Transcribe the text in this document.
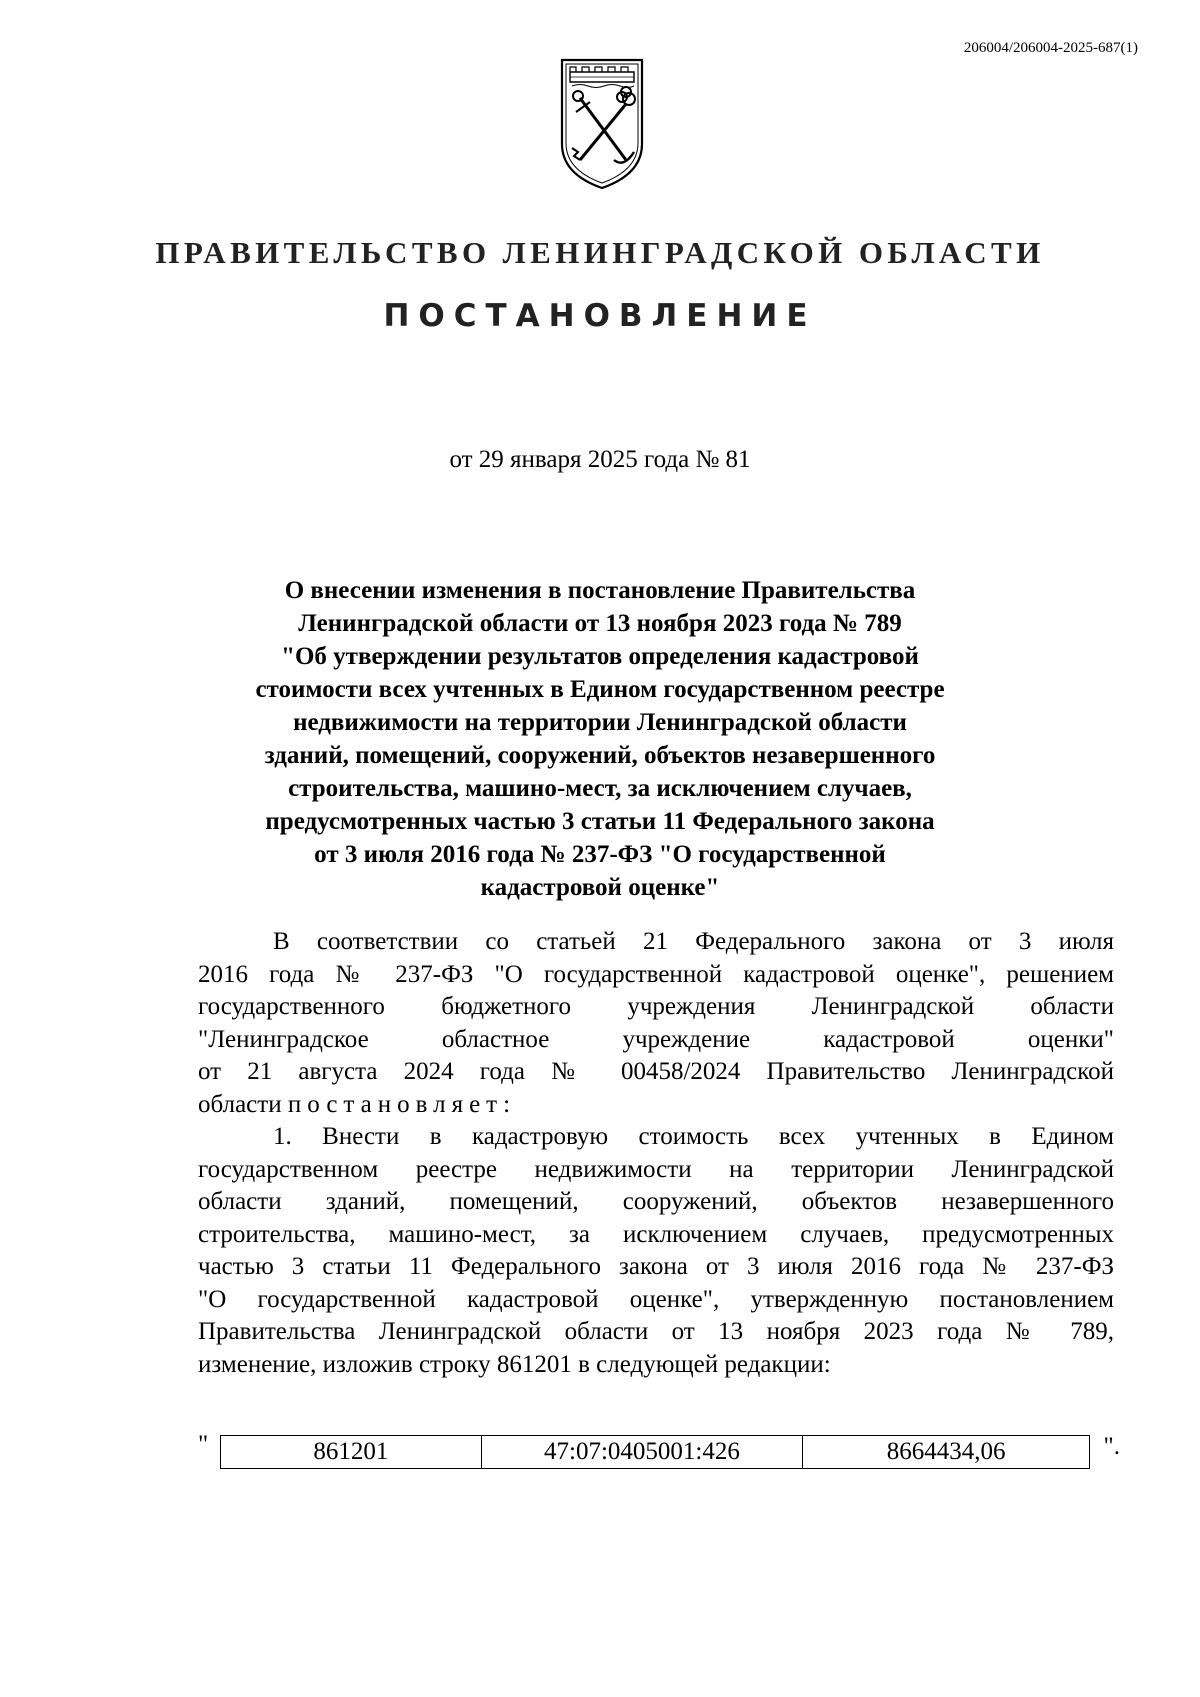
206004/206004-2025-687(1)
ПРАВИТЕЛЬСТВО ЛЕНИНГРАДСКОЙ ОБЛАСТИ
ПОСТАНОВЛЕНИЕ
от 29 января 2025 года № 81
О внесении изменения в постановление Правительства
Ленинградской области от 13 ноября 2023 года № 789
"Об утверждении результатов определения кадастровой
стоимости всех учтенных в Едином государственном реестре
недвижимости на территории Ленинградской области
зданий, помещений, сооружений, объектов незавершенного
строительства, машино-мест, за исключением случаев,
предусмотренных частью 3 статьи 11 Федерального закона
от 3 июля 2016 года № 237-ФЗ "О государственной
кадастровой оценке"
В соответствии со статьей 21 Федерального закона от 3 июля
2016 года № 237-ФЗ "О государственной кадастровой оценке", решением
государственного бюджетного учреждения Ленинградской области
"Ленинградское областное учреждение кадастровой оценки"
от 21 августа 2024 года № 00458/2024 Правительство Ленинградской
области постановляет:
1. Внести в кадастровую стоимость всех учтенных в Едином
государственном реестре недвижимости на территории Ленинградской
области зданий, помещений, сооружений, объектов незавершенного
строительства, машино-мест, за исключением случаев, предусмотренных
частью 3 статьи 11 Федерального закона от 3 июля 2016 года № 237-ФЗ
"О государственной кадастровой оценке", утвержденную постановлением
Правительства Ленинградской области от 13 ноября 2023 года № 789,
изменение, изложив строку 861201 в следующей редакции:
"	861201	47:07:0405001:426	8664434,06	".
